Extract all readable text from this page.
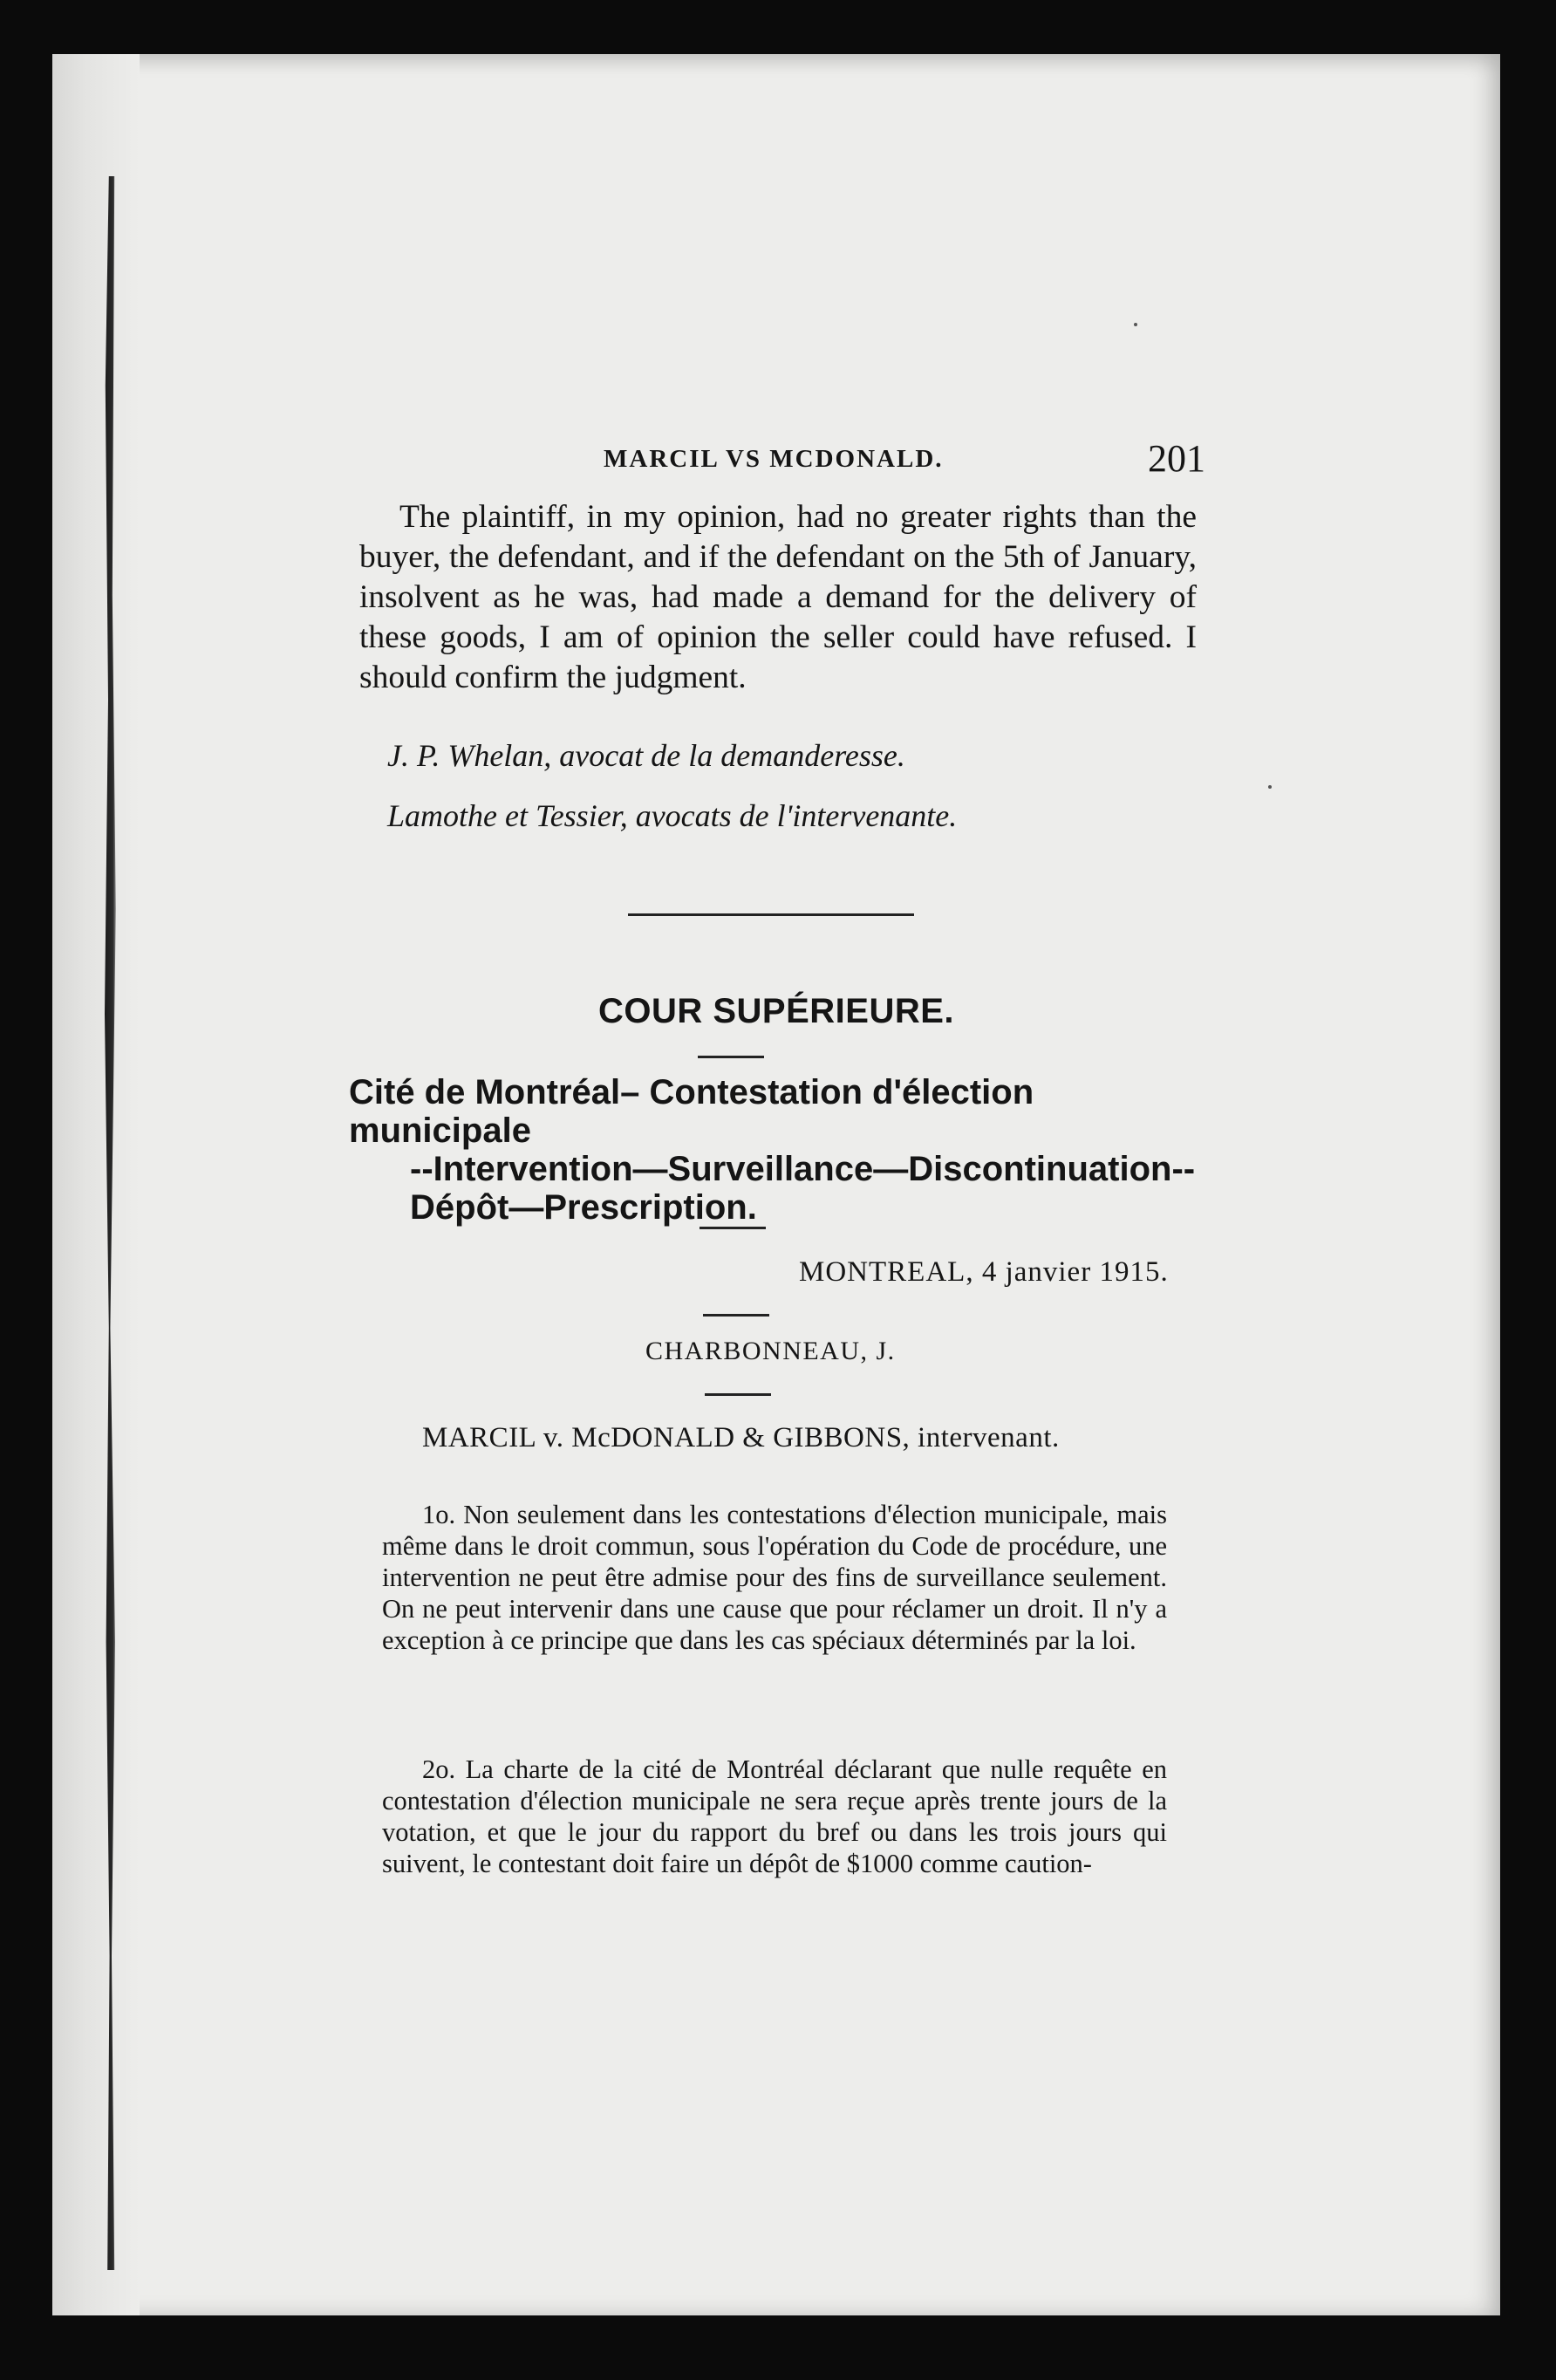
MARCIL VS MCDONALD.	201
The plaintiff, in my opinion, had no greater rights than the buyer, the defendant, and if the defendant on the 5th of January, insolvent as he was, had made a demand for the delivery of these goods, I am of opinion the seller could have refused. I should confirm the judgment.
J. P. Whelan, avocat de la demanderesse.
Lamothe et Tessier, avocats de l'intervenante.
COUR SUPÉRIEURE.
Cité de Montréal– Contestation d'élection municipale
--Intervention—Surveillance—Discontinuation--
Dépôt—Prescription.
MONTREAL, 4 janvier 1915.
CHARBONNEAU, J.
MARCIL v. McDONALD & GIBBONS, intervenant.
1o. Non seulement dans les contestations d'élection municipale, mais même dans le droit commun, sous l'opération du Code de procédure, une intervention ne peut être admise pour des fins de surveillance seulement. On ne peut intervenir dans une cause que pour réclamer un droit. Il n'y a exception à ce principe que dans les cas spéciaux déterminés par la loi.
2o. La charte de la cité de Montréal déclarant que nulle requête en contestation d'élection municipale ne sera reçue après trente jours de la votation, et que le jour du rapport du bref ou dans les trois jours qui suivent, le contestant doit faire un dépôt de $1000 comme caution-
